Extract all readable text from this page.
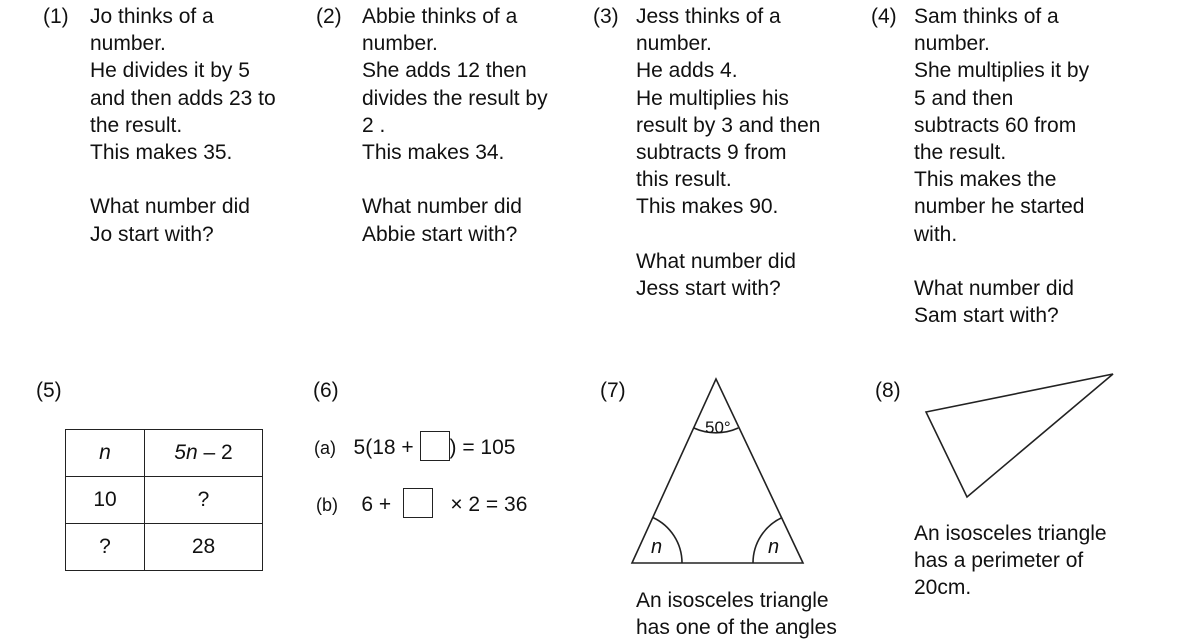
(1)	(2)	(3)	(4)
Jo thinks of a
number.
He divides it by 5
and then adds 23 to
the result.
This makes 35.
What number did
Jo start with?
Abbie thinks of a
number.
She adds 12 then
divides the result by
2 .
This makes 34.
What number did
Abbie start with?
Jess thinks of a
number.
He adds 4.
He multiplies his
result by 3 and then
subtracts 9 from
this result.
This makes 90.
What number did
Jess start with?
Sam thinks of a
number.
She multiplies it by
5 and then
subtracts 60 from
the result.
This makes the
number he started
with.
What number did
Sam start with?
(5)	(6)	(7)	(8)
n	5n – 2
10	?
?	28
(a) 5(18 + ) = 105
(b) 6 +	× 2 = 36
50°
n	n
An isosceles triangle
has one of the angles
An isosceles triangle
has a perimeter of
20cm.
